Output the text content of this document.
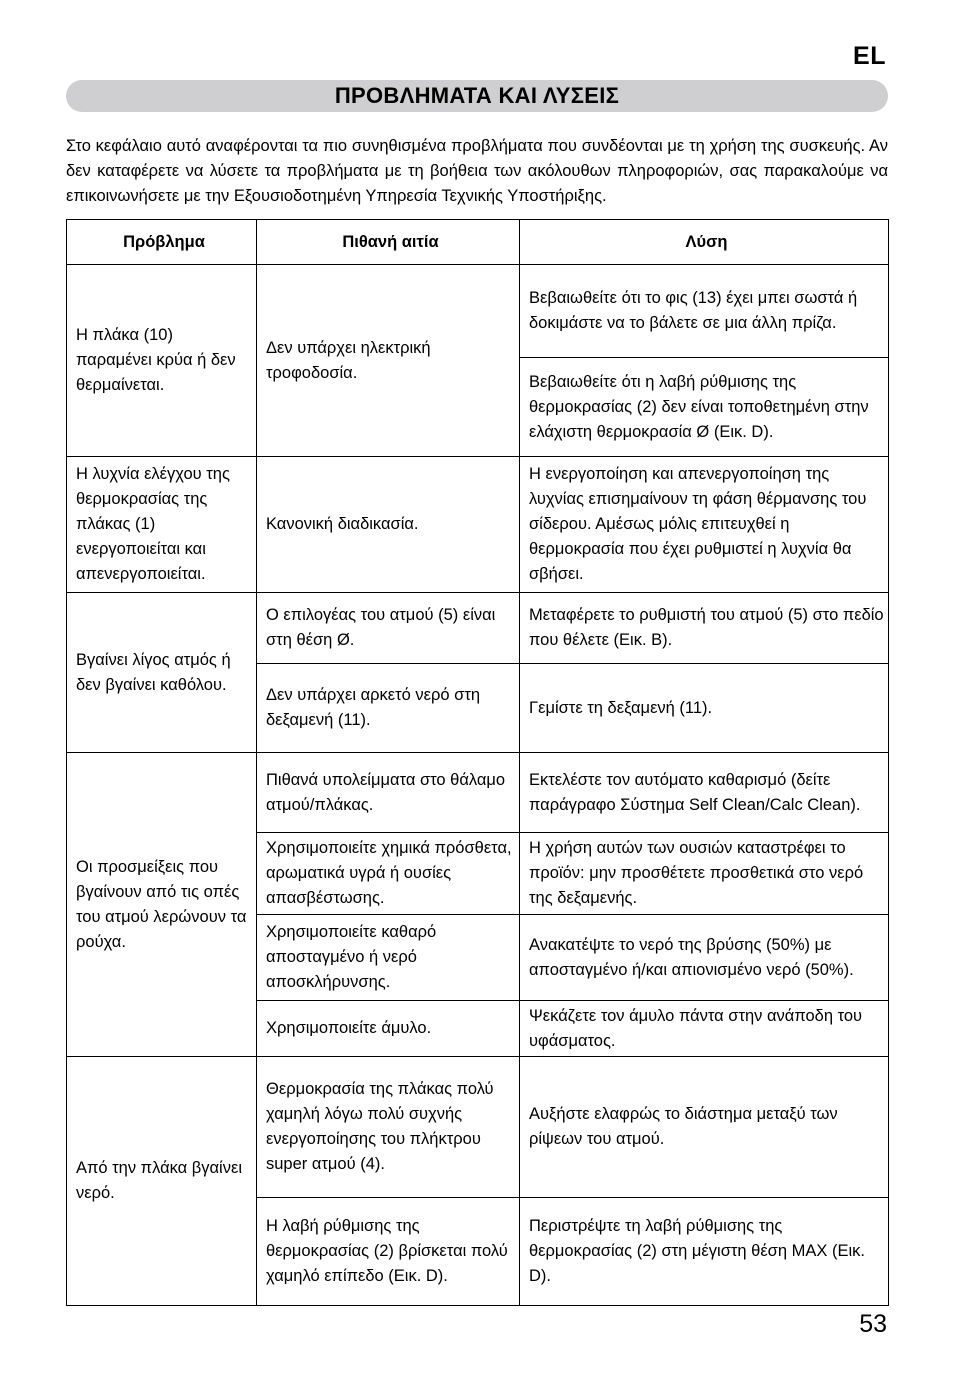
EL
ΠΡΟΒΛΗΜΑΤΑ ΚΑΙ ΛΥΣΕΙΣ
Στο κεφάλαιο αυτό αναφέρονται τα πιο συνηθισμένα προβλήματα που συνδέονται με τη χρήση της συσκευής. Αν δεν καταφέρετε να λύσετε τα προβλήματα με τη βοήθεια των ακόλουθων πληροφοριών, σας παρακαλούμε να επικοινωνήσετε με την Εξουσιοδοτημένη Υπηρεσία Τεχνικής Υποστήριξης.
Πρόβλημα	Πιθανή αιτία	Λύση
Η πλάκα (10) παραμένει κρύα ή δεν θερμαίνεται.	Δεν υπάρχει ηλεκτρική τροφοδοσία.	Βεβαιωθείτε ότι το φις (13) έχει μπει σωστά ή δοκιμάστε να το βάλετε σε μια άλλη πρίζα.
		Βεβαιωθείτε ότι η λαβή ρύθμισης της θερμοκρασίας (2) δεν είναι τοποθετημένη στην ελάχιστη θερμοκρασία Ø (Εικ. D).
Η λυχνία ελέγχου της θερμοκρασίας της πλάκας (1) ενεργοποιείται και απενεργοποιείται.	Κανονική διαδικασία.	Η ενεργοποίηση και απενεργοποίηση της λυχνίας επισημαίνουν τη φάση θέρμανσης του σίδερου. Αμέσως μόλις επιτευχθεί η θερμοκρασία που έχει ρυθμιστεί η λυχνία θα σβήσει.
Βγαίνει λίγος ατμός ή δεν βγαίνει καθόλου.	Ο επιλογέας του ατμού (5) είναι στη θέση Ø.	Μεταφέρετε το ρυθμιστή του ατμού (5) στο πεδίο που θέλετε (Εικ. B).
	Δεν υπάρχει αρκετό νερό στη δεξαμενή (11).	Γεμίστε τη δεξαμενή (11).
Οι προσμείξεις που βγαίνουν από τις οπές του ατμού λερώνουν τα ρούχα.	Πιθανά υπολείμματα στο θάλαμο ατμού/πλάκας.	Εκτελέστε τον αυτόματο καθαρισμό (δείτε παράγραφο Σύστημα Self Clean/Calc Clean).
	Χρησιμοποιείτε χημικά πρόσθετα, αρωματικά υγρά ή ουσίες απασβέστωσης.	Η χρήση αυτών των ουσιών καταστρέφει το προϊόν: μην προσθέτετε προσθετικά στο νερό της δεξαμενής.
	Χρησιμοποιείτε καθαρό αποσταγμένο ή νερό αποσκλήρυνσης.	Ανακατέψτε το νερό της βρύσης (50%) με αποσταγμένο ή/και απιονισμένο νερό (50%).
	Χρησιμοποιείτε άμυλο.	Ψεκάζετε τον άμυλο πάντα στην ανάποδη του υφάσματος.
Από την πλάκα βγαίνει νερό.	Θερμοκρασία της πλάκας πολύ χαμηλή λόγω πολύ συχνής ενεργοποίησης του πλήκτρου super ατμού (4).	Αυξήστε ελαφρώς το διάστημα μεταξύ των ρίψεων του ατμού.
	Η λαβή ρύθμισης της θερμοκρασίας (2) βρίσκεται πολύ χαμηλό επίπεδο (Εικ. D).	Περιστρέψτε τη λαβή ρύθμισης της θερμοκρασίας (2) στη μέγιστη θέση MAX (Εικ. D).
53
